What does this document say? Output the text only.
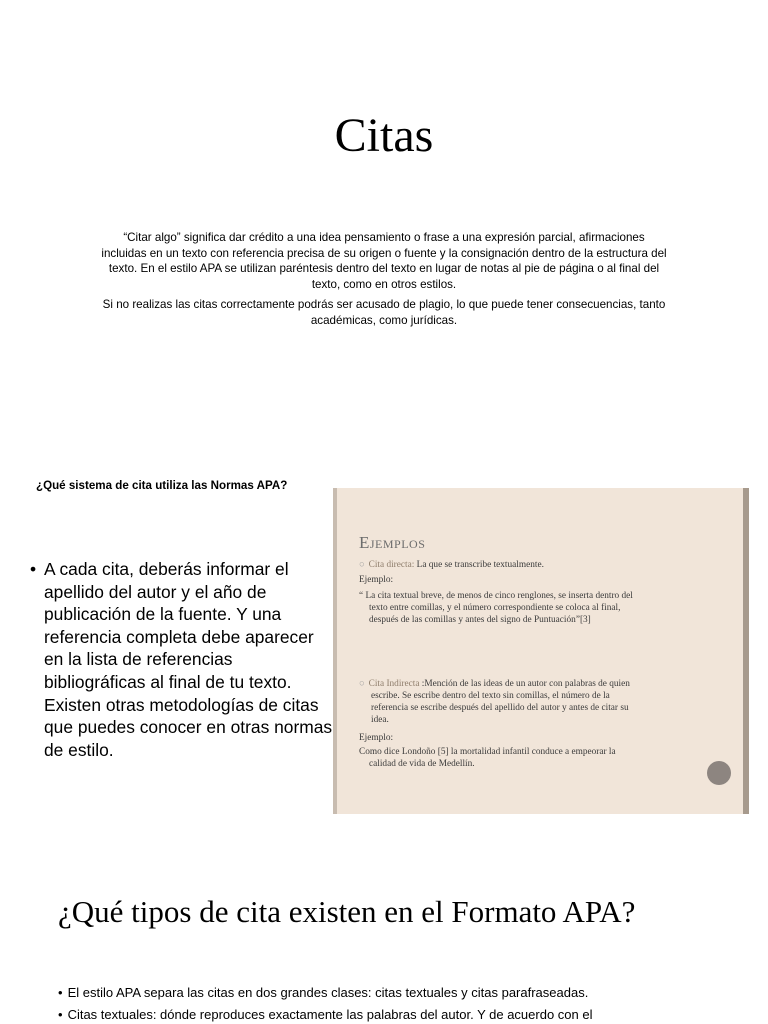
Citas

“Citar algo” significa dar crédito a una idea pensamiento o frase a una expresión parcial, afirmaciones incluidas en un texto con referencia precisa de su origen o fuente y la consignación dentro de la estructura del texto. En el estilo APA se utilizan paréntesis dentro del texto en lugar de notas al pie de página o al final del texto, como en otros estilos.

Si no realizas las citas correctamente podrás ser acusado de plagio, lo que puede tener consecuencias, tanto académicas, como jurídicas.

¿Qué sistema de cita utiliza las Normas APA?
• A cada cita, deberás informar el apellido del autor y el año de publicación de la fuente. Y una referencia completa debe aparecer en la lista de referencias bibliográficas al final de tu texto. Existen otras metodologías de citas que puedes conocer en otras normas de estilo.
Ejemplos
○ Cita directa: La que se transcribe textualmente.
Ejemplo:
“ La cita textual breve, de menos de cinco renglones, se inserta dentro del
texto entre comillas, y el número correspondiente se coloca al final,
después de las comillas y antes del signo de Puntuación”[3]
○ Cita Indirecta :Mención de las ideas de un autor con palabras de quien
escribe. Se escribe dentro del texto sin comillas, el número de la
referencia se escribe después del apellido del autor y antes de citar su
idea.
Ejemplo:
Como dice Londoño [5] la mortalidad infantil conduce a empeorar la
calidad de vida de Medellín.
¿Qué tipos de cita existen en el Formato APA?
• El estilo APA separa las citas en dos grandes clases: citas textuales y citas parafraseadas.
• Citas textuales: dónde reproduces exactamente las palabras del autor. Y de acuerdo con el
